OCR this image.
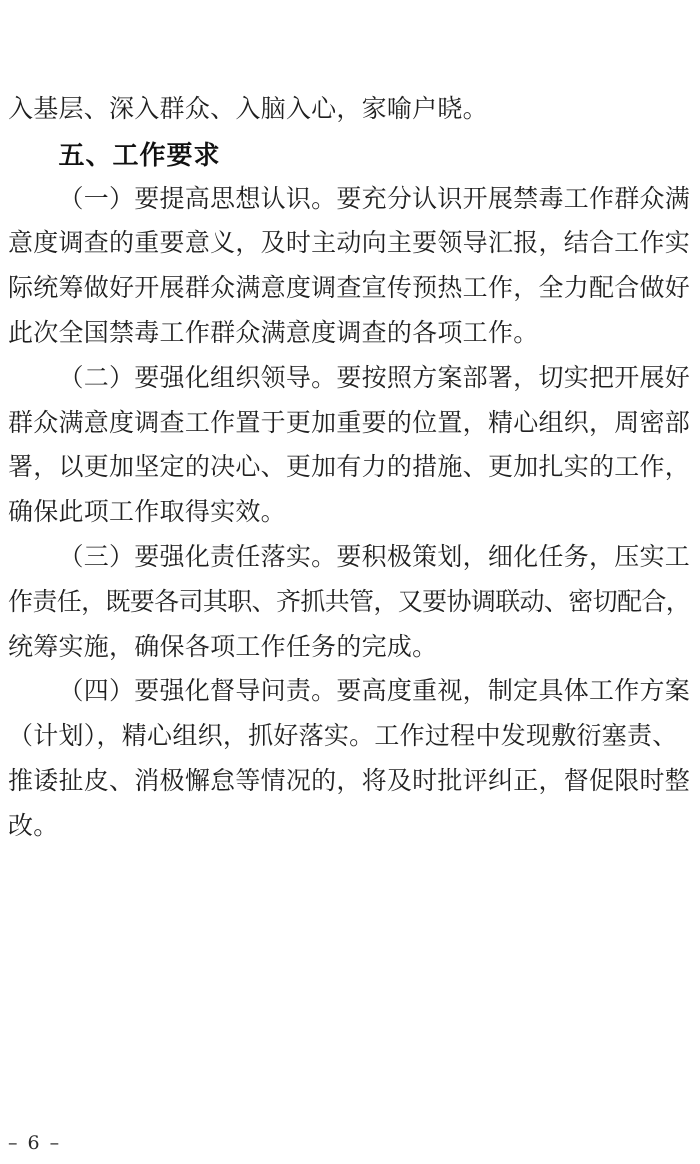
入基层、深入群众、入脑入心，家喻户晓。
五、工作要求
（一）要提高思想认识。要充分认识开展禁毒工作群众满
意度调查的重要意义，及时主动向主要领导汇报，结合工作实
际统筹做好开展群众满意度调查宣传预热工作，全力配合做好
此次全国禁毒工作群众满意度调查的各项工作。
（二）要强化组织领导。要按照方案部署，切实把开展好
群众满意度调查工作置于更加重要的位置，精心组织，周密部
署，以更加坚定的决心、更加有力的措施、更加扎实的工作，
确保此项工作取得实效。
（三）要强化责任落实。要积极策划，细化任务，压实工
作责任，既要各司其职、齐抓共管，又要协调联动、密切配合，
统筹实施，确保各项工作任务的完成。
（四）要强化督导问责。要高度重视，制定具体工作方案
（计划），精心组织，抓好落实。工作过程中发现敷衍塞责、
推诿扯皮、消极懈怠等情况的，将及时批评纠正，督促限时整
改。
– 6 –
